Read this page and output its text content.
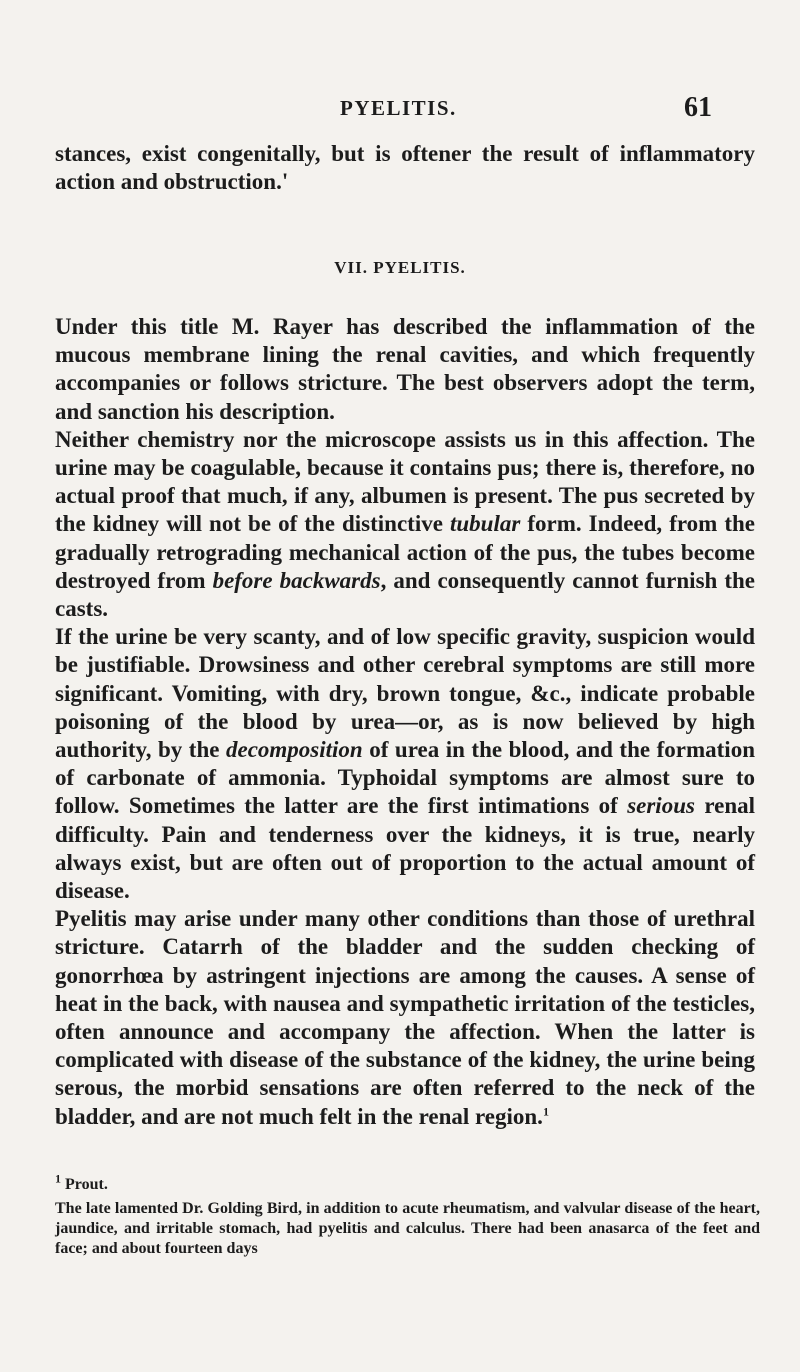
PYELITIS.	61

stances, exist congenitally, but is oftener the result of inflammatory action and obstruction.'

VII. PYELITIS.

Under this title M. Rayer has described the inflammation of the mucous membrane lining the renal cavities, and which frequently accompanies or follows stricture. The best observers adopt the term, and sanction his description.

Neither chemistry nor the microscope assists us in this affection. The urine may be coagulable, because it contains pus; there is, therefore, no actual proof that much, if any, albumen is present. The pus secreted by the kidney will not be of the distinctive tubular form. Indeed, from the gradually retrograding mechanical action of the pus, the tubes become destroyed from before backwards, and consequently cannot furnish the casts.

If the urine be very scanty, and of low specific gravity, suspicion would be justifiable. Drowsiness and other cerebral symptoms are still more significant. Vomiting, with dry, brown tongue, &c., indicate probable poisoning of the blood by urea—or, as is now believed by high authority, by the decomposition of urea in the blood, and the formation of carbonate of ammonia. Typhoidal symptoms are almost sure to follow. Sometimes the latter are the first intimations of serious renal difficulty. Pain and tenderness over the kidneys, it is true, nearly always exist, but are often out of proportion to the actual amount of disease.

Pyelitis may arise under many other conditions than those of urethral stricture. Catarrh of the bladder and the sudden checking of gonorrhœa by astringent injections are among the causes. A sense of heat in the back, with nausea and sympathetic irritation of the testicles, often announce and accompany the affection. When the latter is complicated with disease of the substance of the kidney, the urine being serous, the morbid sensations are often referred to the neck of the bladder, and are not much felt in the renal region.$^1$

$^1$ Prout.

The late lamented Dr. Golding Bird, in addition to acute rheumatism, and valvular disease of the heart, jaundice, and irritable stomach, had pyelitis and calculus. There had been anasarca of the feet and face; and about fourteen days
